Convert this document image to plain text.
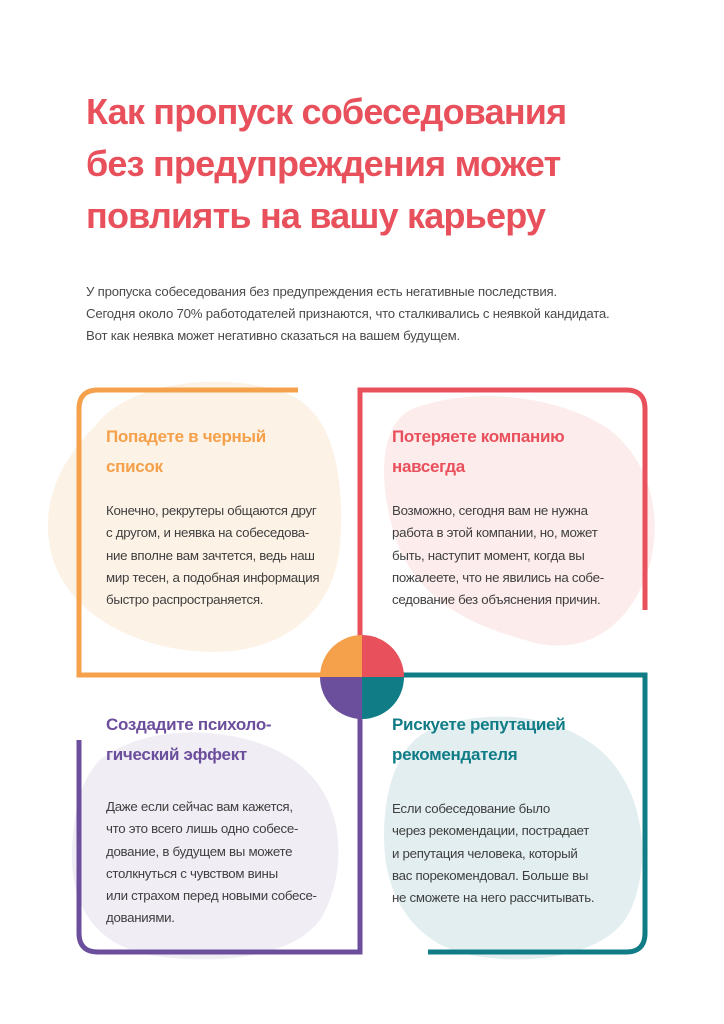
Как пропуск собеседования
без предупреждения может
повлиять на вашу карьеру

У пропуска собеседования без предупреждения есть негативные последствия.
Сегодня около 70% работодателей признаются, что сталкивались с неявкой кандидата.
Вот как неявка может негативно сказаться на вашем будущем.

Попадете в черный
список

Конечно, рекрутеры общаются друг
с другом, и неявка на собеседова-
ние вполне вам зачтется, ведь наш
мир тесен, а подобная информация
быстро распространяется.

Потеряете компанию
навсегда

Возможно, сегодня вам не нужна
работа в этой компании, но, может
быть, наступит момент, когда вы
пожалеете, что не явились на собе-
седование без объяснения причин.

Создадите психоло-
гический эффект

Даже если сейчас вам кажется,
что это всего лишь одно собесе-
дование, в будущем вы можете
столкнуться с чувством вины
или страхом перед новыми собесе-
дованиями.

Рискуете репутацией
рекомендателя

Если собеседование было
через рекомендации, пострадает
и репутация человека, который
вас порекомендовал. Больше вы
не сможете на него рассчитывать.
